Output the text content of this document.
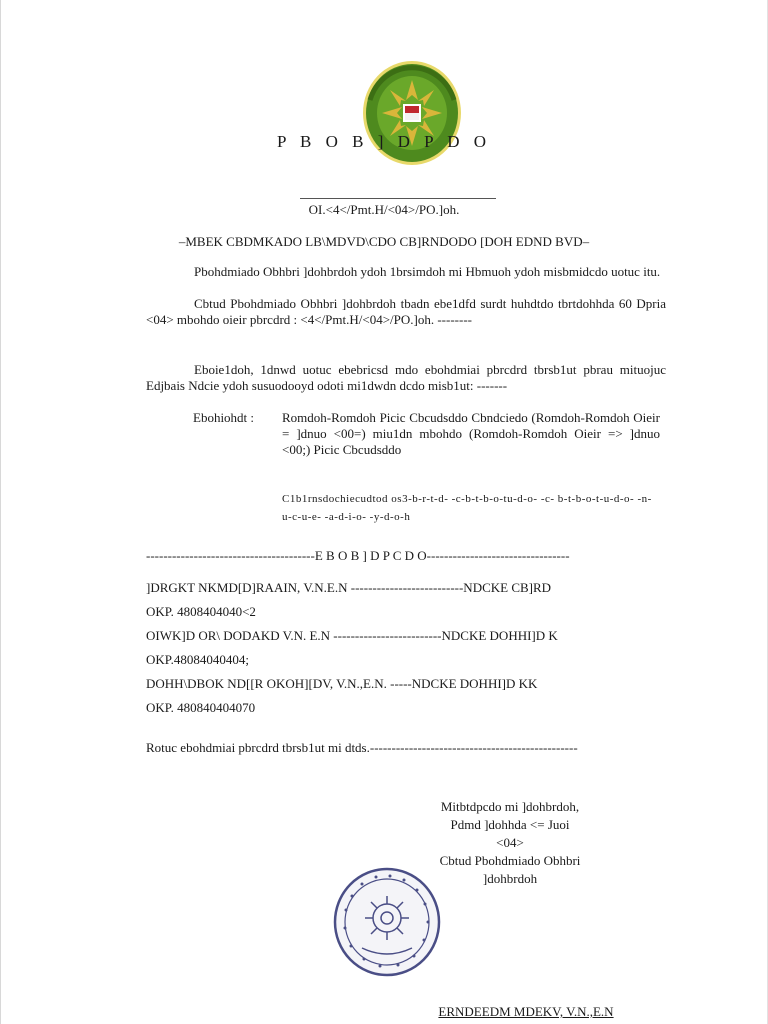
P B O B ] D P D O
OI.<4</Pmt.H/<04>/PO.]oh.
–MBEK CBDMKADO LB\MDVD\CDO CB]RNDODO [DOH EDND BVD–
Pbohdmiado Obhbri ]dohbrdoh ydoh 1brsimdoh mi Hbmuoh ydoh misbmidcdo uotuc itu.
Cbtud Pbohdmiado Obhbri ]dohbrdoh tbadn ebe1dfd surdt huhdtdo tbrtdohhda 60 Dpria <04> mbohdo oieir pbrcdrd : <4</Pmt.H/<04>/PO.]oh. --------
Eboie1doh, 1dnwd uotuc ebebricsd mdo ebohdmiai pbrcdrd tbrsb1ut pbrau mituojuc Edjbais Ndcie ydoh susuodooyd odoti mi1dwdn dcdo misb1ut: -------
Ebohiohdt : Romdoh-Romdoh Picic Cbcudsddo Cbndciedo (Romdoh-Romdoh Oieir = ]dnuo <00=) miu1dn mbohdo (Romdoh-Romdoh Oieir => ]dnuo <00;) Picic Cbcudsddo
C1b1rnsdochiecudtod os3-b-r-t-d- -c-b-t-b-o-tu-d-o- -c- b-t-b-o-t-u-d-o- -n-u-c-u-e- -a-d-i-o- -y-d-o-h
---------------------------------------E B O B ] D P C D O---------------------------------
]DRGKT NKMD[D]RAAIN, V.N.E.N --------------------------NDCKE CB]RD
OKP. 4808404040<2
OIWK]D OR\ DODAKD V.N. E.N -------------------------NDCKE DOHHI]D K
OKP.48084040404;
DOHH\DBOK ND[[R OKOH][DV, V.N.,E.N. -----NDCKE DOHHI]D KK
OKP. 480840404070
Rotuc ebohdmiai pbrcdrd tbrsb1ut mi dtds.------------------------------------------------
Mitbtdpcdo mi ]dohbrdoh,
Pdmd ]dohhda <= Juoi
<04>
Cbtud Pbohdmiado Obhbri
]dohbrdoh
ERNDEEDM MDEKV, V.N.,E.N
